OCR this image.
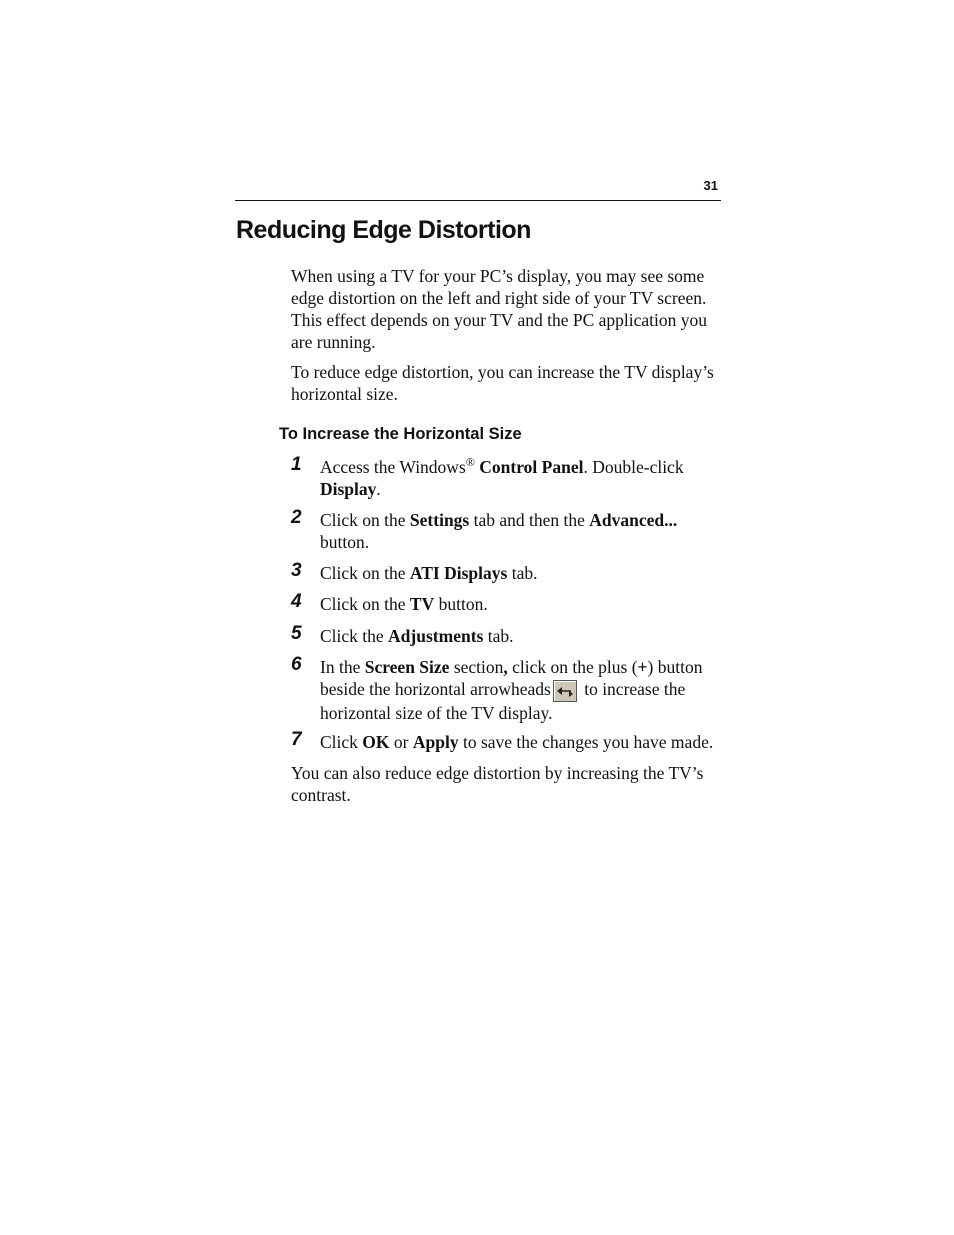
31
Reducing Edge Distortion

When using a TV for your PC’s display, you may see some edge distortion on the left and right side of your TV screen. This effect depends on your TV and the PC application you are running.

To reduce edge distortion, you can increase the TV display’s horizontal size.

To Increase the Horizontal Size
1 Access the Windows® Control Panel. Double-click Display.
2 Click on the Settings tab and then the Advanced... button.
3 Click on the ATI Displays tab.
4 Click on the TV button.
5 Click the Adjustments tab.
6 In the Screen Size section, click on the plus (+) button beside the horizontal arrowheads
to increase the horizontal size of the TV display.
7 Click OK or Apply to save the changes you have made.

You can also reduce edge distortion by increasing the TV’s contrast.
